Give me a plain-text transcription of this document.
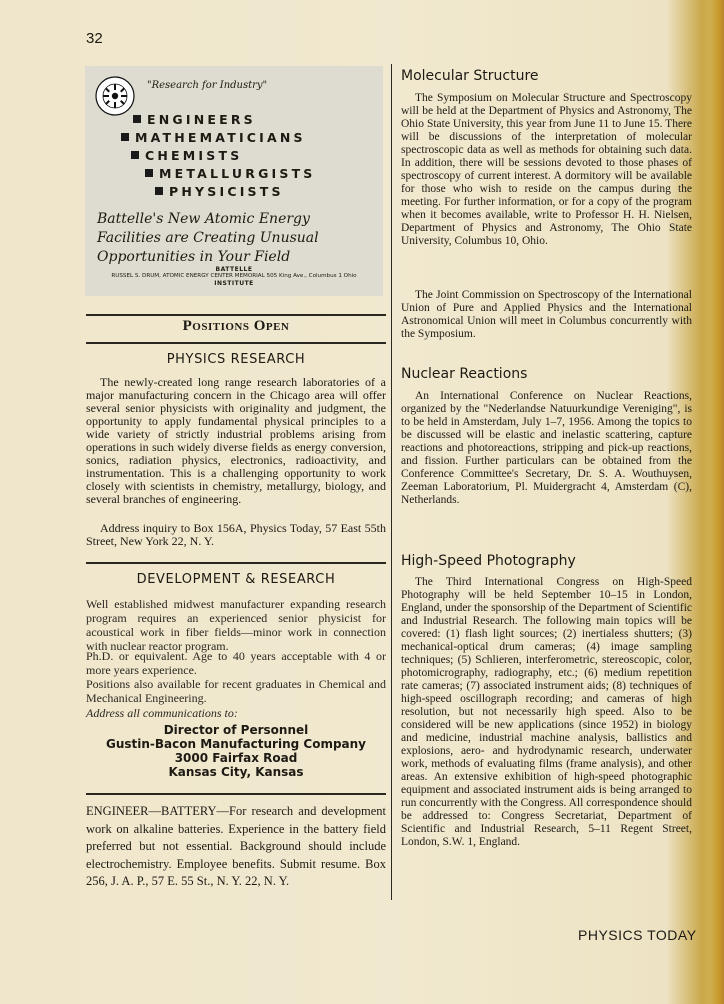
32
"Research for Industry"
ENGINEERS
MATHEMATICIANS
CHEMISTS
METALLURGISTS
PHYSICISTS
Battelle's New Atomic Energy Facilities are Creating Unusual Opportunities in Your Field
BATTELLE
RUSSEL S. DRUM, ATOMIC ENERGY CENTER MEMORIAL 505 King Ave., Columbus 1 Ohio
INSTITUTE
Positions Open
PHYSICS RESEARCH
The newly-created long range research laboratories of a major manufacturing concern in the Chicago area will offer several senior physicists with originality and judgment, the opportunity to apply fundamental physical principles to a wide variety of strictly industrial problems arising from operations in such widely diverse fields as energy conversion, sonics, radiation physics, electronics, radioactivity, and instrumentation. This is a challenging opportunity to work closely with scientists in chemistry, metallurgy, biology, and several branches of engineering.
Address inquiry to Box 156A, Physics Today, 57 East 55th Street, New York 22, N. Y.
DEVELOPMENT & RESEARCH
Well established midwest manufacturer expanding research program requires an experienced senior physicist for acoustical work in fiber fields—minor work in connection with nuclear reactor program.
Ph.D. or equivalent. Age to 40 years acceptable with 4 or more years experience.
Positions also available for recent graduates in Chemical and Mechanical Engineering.
Address all communications to:
Director of Personnel
Gustin-Bacon Manufacturing Company
3000 Fairfax Road
Kansas City, Kansas
ENGINEER—BATTERY—For research and development work on alkaline batteries. Experience in the battery field preferred but not essential. Background should include electrochemistry. Employee benefits. Submit resume. Box 256, J. A. P., 57 E. 55 St., N. Y. 22, N. Y.
Molecular Structure
The Symposium on Molecular Structure and Spectroscopy will be held at the Department of Physics and Astronomy, The Ohio State University, this year from June 11 to June 15. There will be discussions of the interpretation of molecular spectroscopic data as well as methods for obtaining such data. In addition, there will be sessions devoted to those phases of spectroscopy of current interest. A dormitory will be available for those who wish to reside on the campus during the meeting. For further information, or for a copy of the program when it becomes available, write to Professor H. H. Nielsen, Department of Physics and Astronomy, The Ohio State University, Columbus 10, Ohio.
The Joint Commission on Spectroscopy of the International Union of Pure and Applied Physics and the International Astronomical Union will meet in Columbus concurrently with the Symposium.
Nuclear Reactions
An International Conference on Nuclear Reactions, organized by the "Nederlandse Natuurkundige Vereniging", is to be held in Amsterdam, July 1–7, 1956. Among the topics to be discussed will be elastic and inelastic scattering, capture reactions and photoreactions, stripping and pick-up reactions, and fission. Further particulars can be obtained from the Conference Committee's Secretary, Dr. S. A. Wouthuysen, Zeeman Laboratorium, Pl. Muidergracht 4, Amsterdam (C), Netherlands.
High-Speed Photography
The Third International Congress on High-Speed Photography will be held September 10–15 in London, England, under the sponsorship of the Department of Scientific and Industrial Research. The following main topics will be covered: (1) flash light sources; (2) inertialess shutters; (3) mechanical-optical drum cameras; (4) image sampling techniques; (5) Schlieren, interferometric, stereoscopic, color, photomicrography, radiography, etc.; (6) medium repetition rate cameras; (7) associated instrument aids; (8) techniques of high-speed oscillograph recording; and cameras of high resolution, but not necessarily high speed. Also to be considered will be new applications (since 1952) in biology and medicine, industrial machine analysis, ballistics and explosions, aero- and hydrodynamic research, underwater work, methods of evaluating films (frame analysis), and other areas. An extensive exhibition of high-speed photographic equipment and associated instrument aids is being arranged to run concurrently with the Congress. All correspondence should be addressed to: Congress Secretariat, Department of Scientific and Industrial Research, 5–11 Regent Street, London, S.W. 1, England.
PHYSICS TODAY
